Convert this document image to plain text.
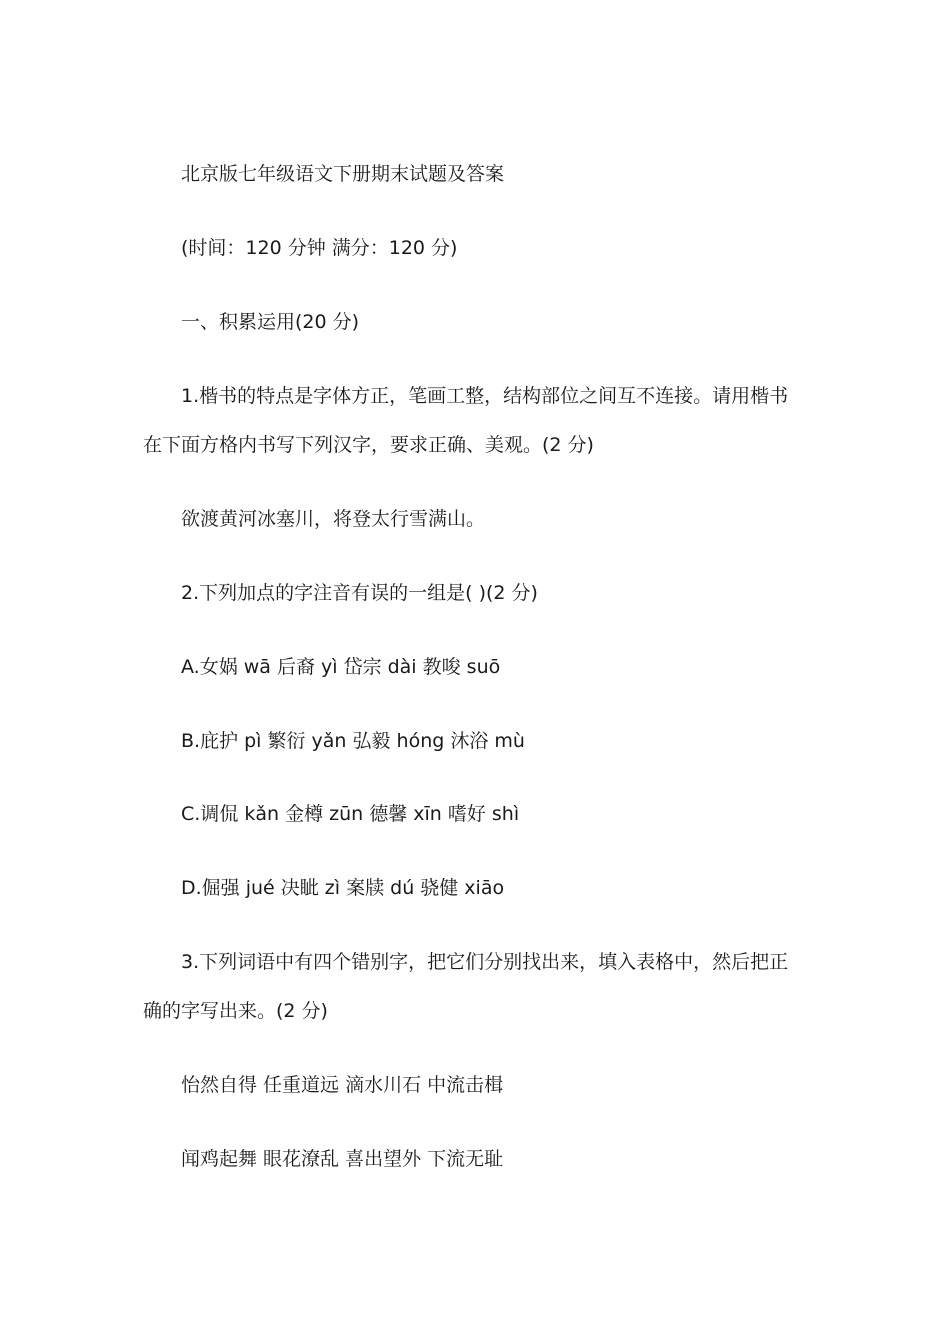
北京版七年级语文下册期末试题及答案
(时间：120 分钟 满分：120 分)
一、积累运用(20 分)
1.楷书的特点是字体方正，笔画工整，结构部位之间互不连接。请用楷书
在下面方格内书写下列汉字，要求正确、美观。(2 分)
欲渡黄河冰塞川，将登太行雪满山。
2.下列加点的字注音有误的一组是( )(2 分)
A.女娲 wā 后裔 yì 岱宗 dài 教唆 suō
B.庇护 pì 繁衍 yǎn 弘毅 hóng 沐浴 mù
C.调侃 kǎn 金樽 zūn 德馨 xīn 嗜好 shì
D.倔强 jué 决眦 zì 案牍 dú 骁健 xiāo
3.下列词语中有四个错别字，把它们分别找出来，填入表格中，然后把正
确的字写出来。(2 分)
怡然自得 任重道远 滴水川石 中流击楫
闻鸡起舞 眼花潦乱 喜出望外 下流无耻
